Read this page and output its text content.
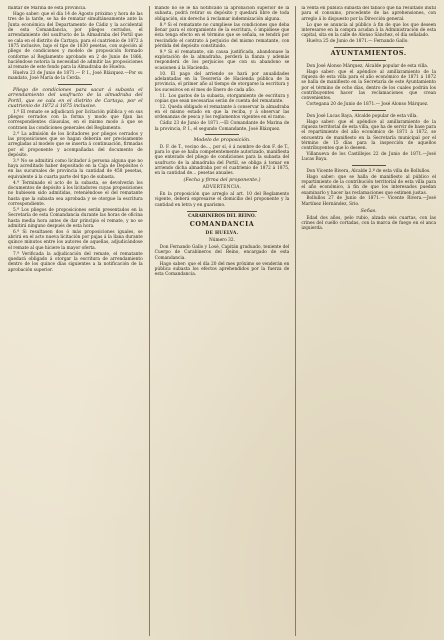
militar de Marina de esta provincia.

Hago saber: que el día 14 de Agosto próximo y hora de las tres de la tarde, se ha de rematar simultáneamente ante la Junta económica del Departamento de Cádiz y la accidental de esta Comandancia, por pliegos cerrados, el arrendamiento del usufructo de la Almadraba del Portil que se cala en el distrito de Cartaya, para el cuatrienio de 1872 á 1875 inclusive, bajo el tipo de 1830 pesetas, con sujeción al pliego de condiciones y modelo de proposición formado conforme al Reglamento aprobado en 2 de Junio de 1866, haciéndose notoria la necesidad de admitir las proposiciones al remate de este fondo para la Almadraba de Huelva.

Huelva 23 de Junio de 1871.— P. I., José Blázquez.—Por su mandato, José María de la Cerda.

Pliego de condiciones para sacar á subasta el arrendamiento del usufructo de la almadraba del Portil, que se cala en el distrito de Cartaya, por el cuatrienio de 1872 á 1875 inclusive.

1.ª El remate se adjudicará por licitación pública y en sus pliegos cerrados con la forma y modo que fijan las correspondientes cláusulas, en el mismo modo á que se contraen las condiciones generales del Reglamento.

2.ª La admisión de los licitadores por pliegos cerrados y las proposiciones que se hagan deberán ser precisamente arregladas al modelo que se inserta á continuación, firmadas por el proponente y acompañadas del documento de depósito.

3.ª No se admitirá como licitador á persona alguna que no haya acreditado haber depositado en la Caja de Depósitos ó en las sucursales de provincia la cantidad de 458 pesetas, equivalente á la cuarta parte del tipo de subasta.

4.ª Terminado el acto de la subasta, se devolverán los documentos de depósito á los licitadores cuyas proposiciones no hubiesen sido admitidas, reteniéndose el del rematante hasta que la subasta sea aprobada y se otorgue la escritura correspondiente.

5.ª Los pliegos de proposiciones serán presentados en la Secretaría de esta Comandancia durante las horas de oficina hasta media hora antes de dar principio el remate, y no se admitirá ninguno después de esta hora.

6.ª Si resultasen dos ó más proposiciones iguales, se abrirá en el acto nueva licitación por pujas á la llana durante quince minutos entre los autores de aquellas, adjudicándose el remate al que hiciere la mayor oferta.

7.ª Verificada la adjudicación del remate, el rematante quedará obligado á otorgar la escritura de arrendamiento dentro de los quince días siguientes a la notificación de la aprobación superior.

mando no se le ha notificado la aprobación superior de la subasta, podrá retirar su depósito y quedará libre de toda obligación, sin derecho á reclamar indemnización alguna.

8.ª Si el rematante no cumpliese las condiciones que deba llenar para el otorgamiento de la escritura, ó impidiese que ésta tenga efecto en el término que se señala, se tendrá por rescindido el contrato á perjuicio del mismo rematante, con pérdida del depósito constituido.

9.ª Si el rematante, sin causa justificada, abandonase la explotación de la almadraba, perderá la fianza y además responderá de los perjuicios que con su abandono se ocasionen á la Hacienda.

10. El pago del arriendo se hará por anualidades adelantadas en la Tesorería de Hacienda pública de la provincia, el primer año al tiempo de otorgarse la escritura y los sucesivos en el mes de Enero de cada año.

11. Los gastos de la subasta, otorgamiento de escritura y copias que sean necesarias serán de cuenta del rematante.

12. Queda obligado el rematante á conservar la almadraba en el mismo estado en que la reciba, y á observar las ordenanzas de pesca y los reglamentos vigentes en el ramo.

Cádiz 23 de Junio de 1871.—El Comandante de Marina de la provincia, P. I., el segundo Comandante, José Blázquez.

Modelo de proposición.

D. F. de T., vecino de…, por sí, ó á nombre de don F. de T., para lo que se halla competentemente autorizado, manifiesta que enterado del pliego de condiciones para la subasta del usufructo de la almadraba del Portil, se obliga á tomar en arriendo dicha almadraba por el cuatrienio de 1872 á 1875, en la cantidad de… pesetas anuales.

(Fecha y firma del proponente.)

ADVERTENCIA.

En la proposición que arreglo al art. 10 del Reglamento vigente, deberá expresarse el domicilio del proponente y la cantidad en letra y en guarismo.

CARABINEROS DEL REINO.

COMANDANCIA

DE HUELVA.

Número 32.

Don Fernando Gallo y Losé, Capitán graduado, teniente del Cuerpo de Carabineros del Reino, encargado de esta Comandancia.

Hago saber: que el día 20 del mes próximo se venderán en pública subasta los efectos aprehendidos por la fuerza de esta Comandancia.

la venta en pública subasta del tabaco que ha resultado inútil para el consumo, procedente de las aprehensiones, con arreglo á lo dispuesto por la Dirección general.

Lo que se anuncia al público á fin de que los que deseen interesarse en la compra acudan á la Administración de esta capital, sita en la calle de Alonso Sánchez, el día señalado.

Huelva 25 de Junio de 1871.— Fernando Gallo.

AYUNTAMIENTOS.

Don José Alonso Márquez, Alcalde popular de esta villa.

Hago saber: que el apéndice al amillaramiento de la riqueza de esta villa para el año económico de 1871 á 1872 se halla de manifiesto en la Secretaría de este Ayuntamiento por el término de ocho días, dentro de los cuales podrán los contribuyentes hacer las reclamaciones que crean convenientes.

Cortegana 20 de Junio de 1871.— José Alonso Márquez.

Don José Lucas Baya, Alcalde popular de esta villa.

Hago saber: que el apéndice al amillaramiento de la riqueza territorial de esta villa, que ha de servir de base para el repartimiento del año económico de 1871 á 1872, se encuentra de manifiesto en la Secretaría municipal por el término de 15 días para la inspección de aquellos contribuyentes que lo deseen.

Villanueva de los Castillejos 22 de Junio de 1871.—José Lucas Baya.

Don Vicente Rivera, Alcalde 2.º de esta villa de Bollullos.

Hago saber: que se halla de manifiesto al público el repartimiento de la contribución territorial de esta villa para el año económico, á fin de que los interesados puedan examinarlo y hacer las reclamaciones que estimen justas.

Bollullos 27 de Junio de 1871.— Vicente Rivera.—José Martínez Hernández, Srio.

Señas.

Edad dos años, pelo rubio, alzada seis cuartas, con las crines del cuello cortadas, con la marca de fuego en el anca izquierda.
